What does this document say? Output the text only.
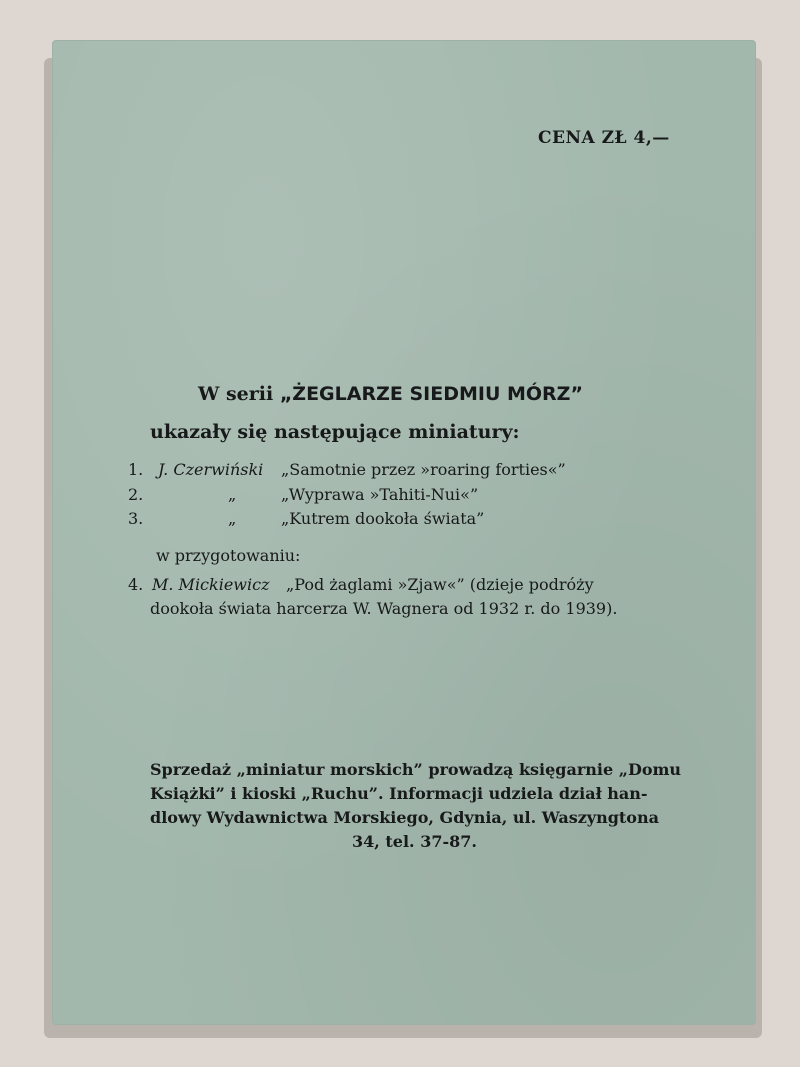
CENA ZŁ 4,—
W serii „ŻEGLARZE SIEDMIU MÓRZ”
ukazały się następujące miniatury:
1. J. Czerwiński „Samotnie przez »roaring forties«”
2.	„	„Wyprawa »Tahiti-Nui«”
3.	„	„Kutrem dookoła świata”
w przygotowaniu:
4. M. Mickiewicz „Pod żaglami »Zjaw«” (dzieje podróży
dookoła świata harcerza W. Wagnera od 1932 r. do 1939).
Sprzedaż „miniatur morskich” prowadzą księgarnie „Domu
Książki” i kioski „Ruchu”. Informacji udziela dział han-
dlowy Wydawnictwa Morskiego, Gdynia, ul. Waszyngtona
34, tel. 37-87.
